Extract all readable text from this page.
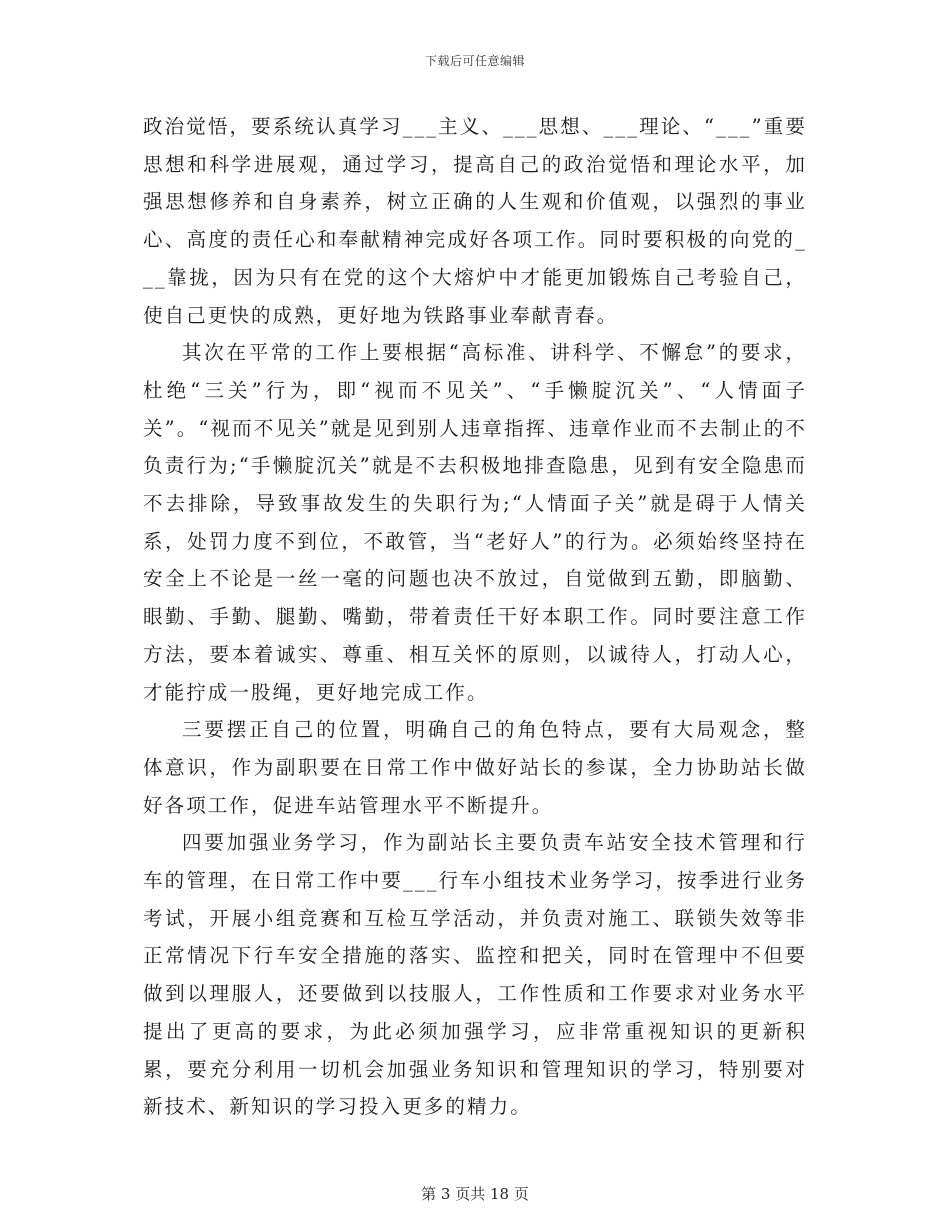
下载后可任意编辑

政治觉悟，要系统认真学习___主义、___思想、___理论、“___”重要思想和科学进展观，通过学习，提高自己的政治觉悟和理论水平，加强思想修养和自身素养，树立正确的人生观和价值观，以强烈的事业心、高度的责任心和奉献精神完成好各项工作。同时要积极的向党的___靠拢，因为只有在党的这个大熔炉中才能更加锻炼自己考验自己，使自己更快的成熟，更好地为铁路事业奉献青春。

其次在平常的工作上要根据“高标准、讲科学、不懈怠”的要求，杜绝“三关”行为，即“视而不见关”、“手懒腚沉关”、“人情面子关”。“视而不见关”就是见到别人违章指挥、违章作业而不去制止的不负责行为;“手懒腚沉关”就是不去积极地排查隐患，见到有安全隐患而不去排除，导致事故发生的失职行为;“人情面子关”就是碍于人情关系，处罚力度不到位，不敢管，当“老好人”的行为。必须始终坚持在安全上不论是一丝一毫的问题也决不放过，自觉做到五勤，即脑勤、眼勤、手勤、腿勤、嘴勤，带着责任干好本职工作。同时要注意工作方法，要本着诚实、尊重、相互关怀的原则，以诚待人，打动人心，才能拧成一股绳，更好地完成工作。

三要摆正自己的位置，明确自己的角色特点，要有大局观念，整体意识，作为副职要在日常工作中做好站长的参谋，全力协助站长做好各项工作，促进车站管理水平不断提升。

四要加强业务学习，作为副站长主要负责车站安全技术管理和行车的管理，在日常工作中要___行车小组技术业务学习，按季进行业务考试，开展小组竞赛和互检互学活动，并负责对施工、联锁失效等非正常情况下行车安全措施的落实、监控和把关，同时在管理中不但要做到以理服人，还要做到以技服人，工作性质和工作要求对业务水平提出了更高的要求，为此必须加强学习，应非常重视知识的更新积累，要充分利用一切机会加强业务知识和管理知识的学习，特别要对新技术、新知识的学习投入更多的精力。

第 3 页共 18 页
